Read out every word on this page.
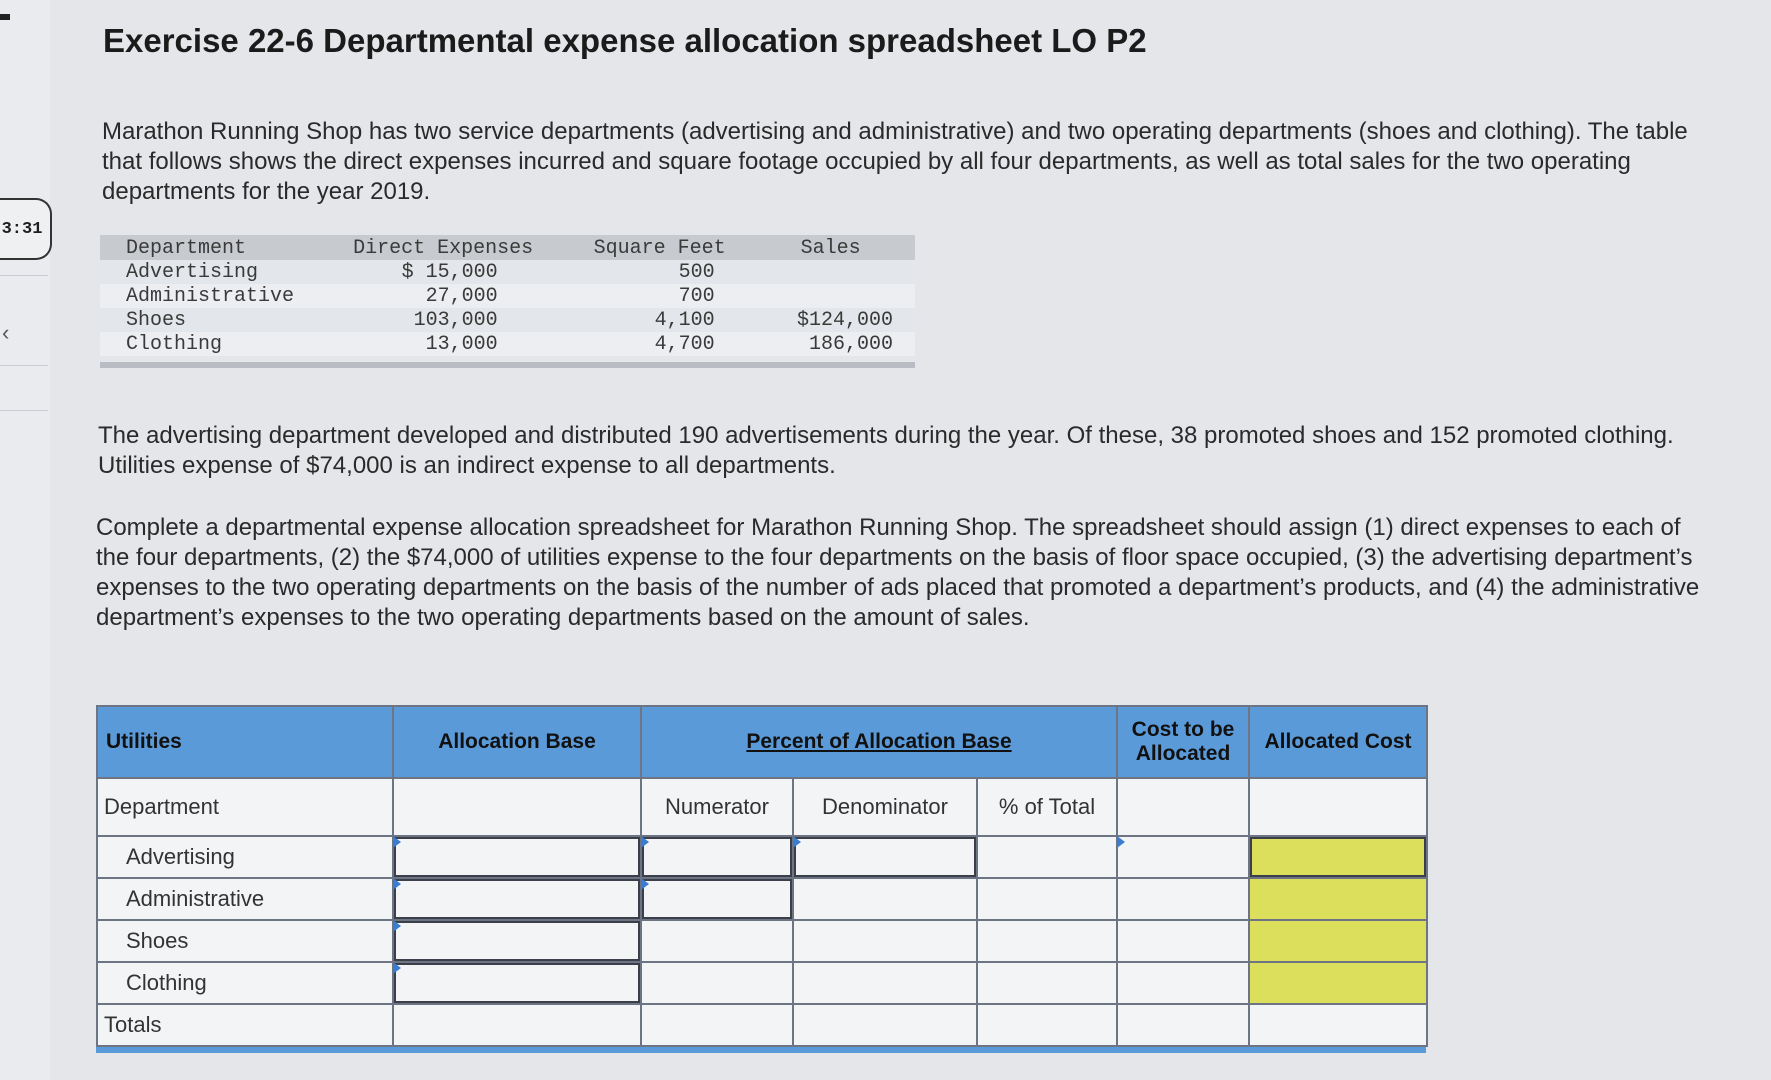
3:31
‹
Exercise 22-6 Departmental expense allocation spreadsheet LO P2

Marathon Running Shop has two service departments (advertising and administrative) and two operating departments (shoes and clothing). The table that follows shows the direct expenses incurred and square footage occupied by all four departments, as well as total sales for the two operating departments for the year 2019.

Department	Direct Expenses	Square Feet	Sales
Advertising	$ 15,000	500	
Administrative	27,000	700	
Shoes	103,000	4,100	$124,000
Clothing	13,000	4,700	186,000

The advertising department developed and distributed 190 advertisements during the year. Of these, 38 promoted shoes and 152 promoted clothing. Utilities expense of $74,000 is an indirect expense to all departments.

Complete a departmental expense allocation spreadsheet for Marathon Running Shop. The spreadsheet should assign (1) direct expenses to each of the four departments, (2) the $74,000 of utilities expense to the four departments on the basis of floor space occupied, (3) the advertising department’s expenses to the two operating departments on the basis of the number of ads placed that promoted a department’s products, and (4) the administrative department’s expenses to the two operating departments based on the amount of sales.

Utilities	Allocation Base	Percent of Allocation Base			Cost to be Allocated	Allocated Cost
Department		Numerator	Denominator	% of Total		
Advertising						
Administrative						
Shoes						
Clothing						
Totals						
